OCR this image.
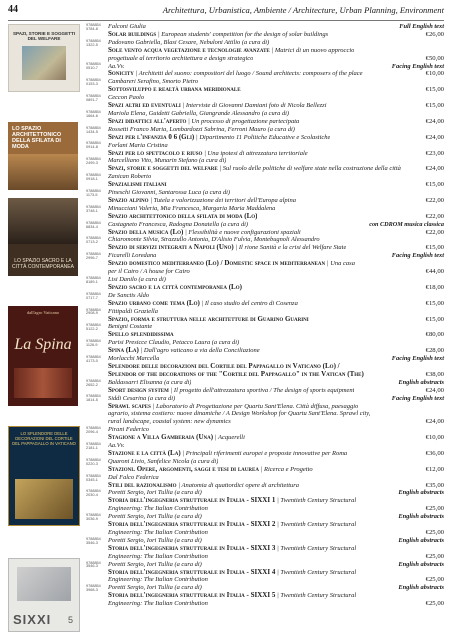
44	Architettura, Urbanistica, Ambiente / Architecture, Urban Planning, Environment
SPAZI, STORIE E SOGGETTI DEL WELFARE
LO SPAZIO ARCHITETTONICO DELLA SFILATA DI MODA
LO SPAZIO SACRO E LA CITTÀ CONTEMPORANEA
dall'agro Vaticano
La Spina
LO SPLENDORE DELLE DECORAZIONI DEL CORTILE DEL PAPPAGALLO IN VATICANO
SIXXI 5
9788854
5784-8	Falconi Giulia	Full English text
Solar buildings | European students' competition for the design of solar buildings	€26,00
9788854
1322-5	Padovano Gabriella, Blasi Cesare, Nebuloni Attilio (a cura di)
Sole vento acqua vegetazione e tecnologie avanzate | Matrici di un nuovo approccio
progettuale al territorio architettura e design strategico	€50,00
9788854
0510-7	Aa.Vv.	Facing English text
Sonicity | Architetti del suono: compositori del luogo / Sound architects: composers of the place	€10,00
9788854
0153-3	Cambareri Serafino, Smorto Pietro
Sottosviluppo e realtà urbana meridionale	€15,00
9788854
0891-7	Ceccon Paolo
Spazi altri ed eventuali | Interviste di Giovanni Damiani foto di Nicola Bellezzi	€15,00
9788854
1664-6	Mariola Elena, Guidetti Gabriella, Giangrande Alessandro (a cura di)
Spazi didattici all'aperto | Un processo di progettazione partecipata	€24,00
9788854
1434-5	Rossetti Franco Maria, Lombardozzi Sabrina, Ferroni Mauro (a cura di)
Spazi per l'infanzia 0 6 (Gli) | Dipartimento 11 Politiche Educative e Scolastiche	€24,00
9788854
0914-8	Forlani Maria Cristina
Spazi per lo spettacolo e riuso | Una ipotesi di attrezzatura territoriale	€23,00
9788854
2499-3	Marcelliano Vito, Munarin Stefano (a cura di)
Spazi, storie e soggetti del welfare | Sul ruolo delle politiche di welfare state nella costruzione della città	€24,00
9788854
0918-1	Zanican Roberto
Spazialismi italiani	€15,00
9788854
1173-5	Pineschi Giovanni, Santarossa Luca (a cura di)
Spazio alpino | Tutela e valorizzazione dei territori dell'Europa alpina	€22,00
9788854
3748-1	Minucciani Valeria, Mia Francesca, Margaria Maria Maddalena
Spazio architettonico della sfilata di moda (Lo)	€22,00
9788854
6834-4	Castagneto Francesca, Radogna Donatella (a cura di)	con CDROM musica classica
Spazio della musica (Lo) | Flessibilità e nuove configurazioni spaziali	€22,00
9788854
0713-2	Chiaromonte Silvia, Strazzullo Antonia, D'Alisio Fulvia, Montebugnoli Alessandro
Spazio di servizi integrati a Napoli (Uno) | Il rione Sanità e la crisi del Welfare State	€15,00
9788854
2996-7	Ficarelli Loredana	Facing English text
Spazio domestico mediterraneo (Lo) / Domestic space in mediterranean | Una casa
per il Cairo / A house for Cairo	€44,00
9788854
8189-1	Lisi Danilo (a cura di)
Spazio sacro e la città contemporanea (Lo)	€18,00
9788854
0717-7	De Sanctis Aldo
Spazio urbano come tema (Lo) | Il caso studio del centro di Cosenza	€15,00
9788854
2908-9	Fittipaldi Graziella
Spazio, forma e struttura nelle architetture di Guarino Guarini	€15,00
9788854
5122-2	Benigni Costante
Spello splendidissima	€80,00
9788854
1126-9	Parisi Presicce Claudio, Petacco Laura (a cura di)
Spina (La) | Dall'agro vaticano a via della Conciliazione	€28,00
9788854
4173-0	Morlacchi Marcella	Facing English text
Splendore delle decorazioni del Cortile del Pappagallo in Vaticano (Lo) /
Splendor of the decorations of the "Cortile del Pappagallo" in the Vatican (The)	€38,00
9788854
2652-2	Baldassarri Elisanna (a cura di)	English abstracts
Sport design system | Il progetto dell'attrezzatura sportiva / The design of sports equipment	€24,00
9788854
1814-5	Siddi Cesarina (a cura di)	Facing English text
Sprawl scapes | Laboratorio di Progettazione per Quartu Sant'Elena. Città diffusa, paesaggio
agrario, sistema costiero: nuove dinamiche / A Design Workshop for Quartu Sant'Elena. Sprawl city,
rural landscape, coastal system: new dynamics	€24,00
9788854
2096-4	Pirani Federico
Stagione a Villa Gamberaia (Una) | Acquerelli	€10,00
9788854
2181-1	Aa.Vv.
Stazione e la città (La) | Principali riferimenti europei e proposte innovative per Roma	€36,00
9788854
0220-3	Quaroni Livio, Sanfelice Nicola (a cura di)
Stazioni. Opere, argomenti, saggi e tesi di laurea | Ricerca e Progetto	€12,00
9788854
0345-1	Dal Falco Federica
Stili del razionalismo | Anatomia di quattordici opere di architettura	€35,00
9788854
2030-4	Poretti Sergio, Iori Tullia (a cura di)	English abstracts
Storia dell'ingegneria strutturale in Italia - SIXXI 1 | Twentieth Century Structural
Engineering: The Italian Contribution	€25,00
9788854
3036-9	Poretti Sergio, Iori Tullia (a cura di)	English abstracts
Storia dell'ingegneria strutturale in Italia - SIXXI 2 | Twentieth Century Structural
Engineering: The Italian Contribution	€25,00
9788854
3546-3	Poretti Sergio, Iori Tullia (a cura di)	English abstracts
Storia dell'ingegneria strutturale in Italia - SIXXI 3 | Twentieth Century Structural
Engineering: The Italian Contribution	€25,00
9788854
3546-3	Poretti Sergio, Iori Tullia (a cura di)	English abstracts
Storia dell'ingegneria strutturale in Italia - SIXXI 4 | Twentieth Century Structural
Engineering: The Italian Contribution	€25,00
9788854
3968-3	Poretti Sergio, Iori Tullia (a cura di)	English abstracts
Storia dell'ingegneria strutturale in Italia - SIXXI 5 | Twentieth Century Structural
Engineering: The Italian Contribution	€25,00
